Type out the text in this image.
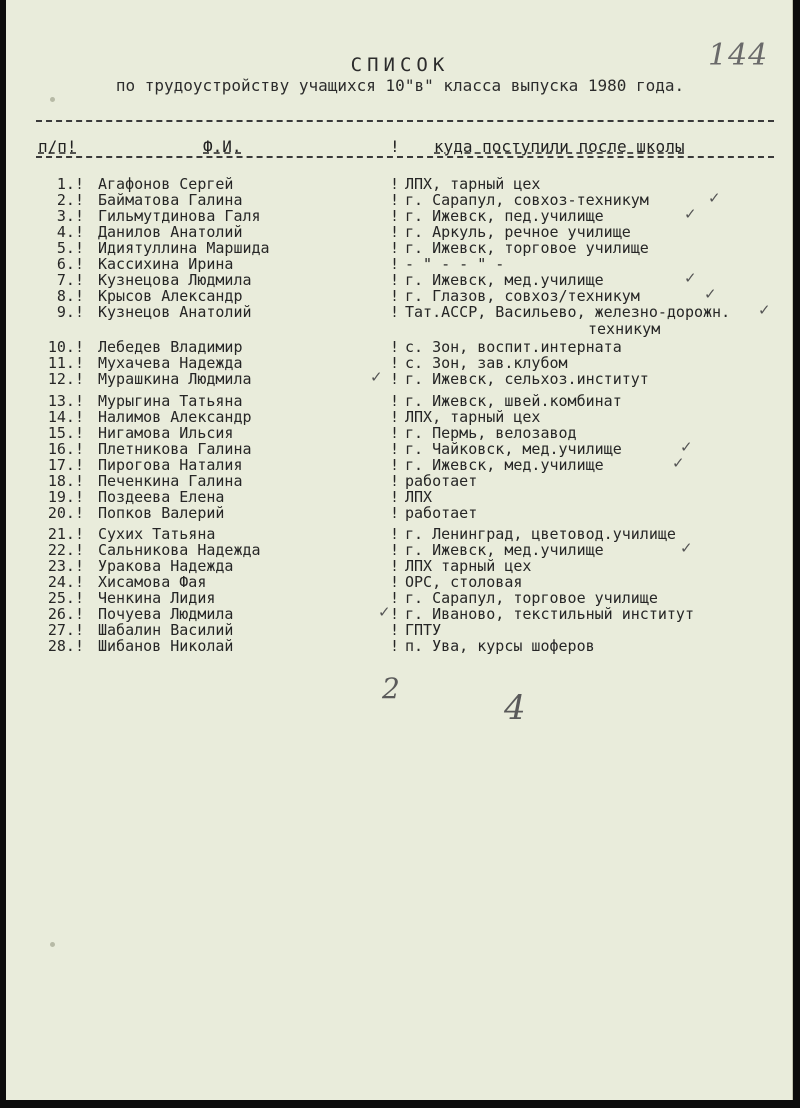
144
СПИСОК
по трудоустройству учащихся 10"в" класса выпуска 1980 года.
п/п!	Ф.И.	! куда поступили после школы
1.! Агафонов Сергей	! ЛПХ, тарный цех
2.! Байматова Галина	! г. Сарапул, совхоз-техникум	✓
3.! Гильмутдинова Галя	! г. Ижевск, пед.училище	✓
4.! Данилов Анатолий	! г. Аркуль, речное училище
5.! Идиятуллина Маршида	! г. Ижевск, торговое училище
6.! Кассихина Ирина	! - " - - " -
7.! Кузнецова Людмила	! г. Ижевск, мед.училище	✓
8.! Крысов Александр	! г. Глазов, совхоз/техникум	✓
9.! Кузнецов Анатолий	! Тат.АССР, Васильево, железно-дорожн.
техникум
✓
10.! Лебедев Владимир	! с. Зон, воспит.интерната
11.! Мухачева Надежда	! с. Зон, зав.клубом
12.! Мурашкина Людмила	! г. Ижевск, сельхоз.институт
✓
13.! Мурыгина Татьяна	! г. Ижевск, швей.комбинат
14.! Налимов Александр	! ЛПХ, тарный цех
15.! Нигамова Ильсия	! г. Пермь, велозавод
16.! Плетникова Галина	! г. Чайковск, мед.училище	✓
17.! Пирогова Наталия	! г. Ижевск, мед.училище	✓
18.! Печенкина Галина	! работает
19.! Поздеева Елена	! ЛПХ
20.! Попков Валерий	! работает
21.! Сухих Татьяна	! г. Ленинград, цветовод.училище
22.! Сальникова Надежда	! г. Ижевск, мед.училище	✓
23.! Уракова Надежда	! ЛПХ тарный цех
24.! Хисамова Фая	! ОРС, столовая
25.! Ченкина Лидия	! г. Сарапул, торговое училище
26.! Почуева Людмила	! г. Иваново, текстильный институт
✓
27.! Шабалин Василий	! ГПТУ
28.! Шибанов Николай	! п. Ува, курсы шоферов
2	4
